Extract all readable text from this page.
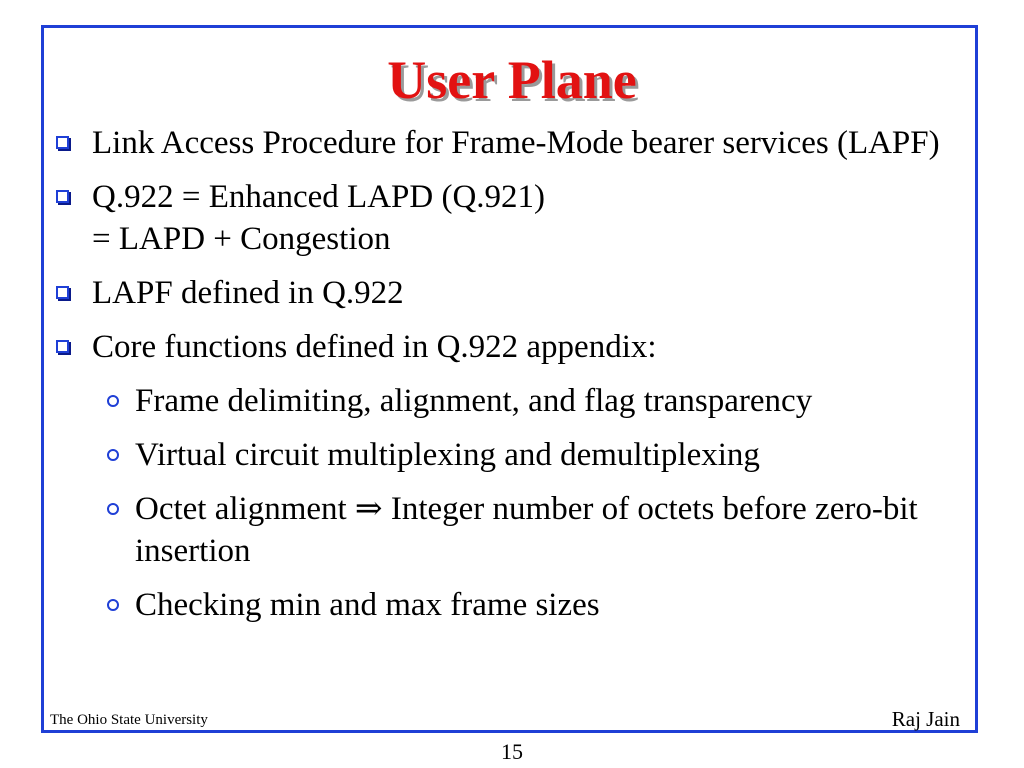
User Plane
Link Access Procedure for Frame-Mode bearer services (LAPF)
Q.922 = Enhanced LAPD (Q.921)
= LAPD + Congestion
LAPF defined in Q.922
Core functions defined in Q.922 appendix:
Frame delimiting, alignment, and flag transparency
Virtual circuit multiplexing and demultiplexing
Octet alignment ⇒ Integer number of octets before zero-bit insertion
Checking min and max frame sizes
The Ohio State University	Raj Jain
15
